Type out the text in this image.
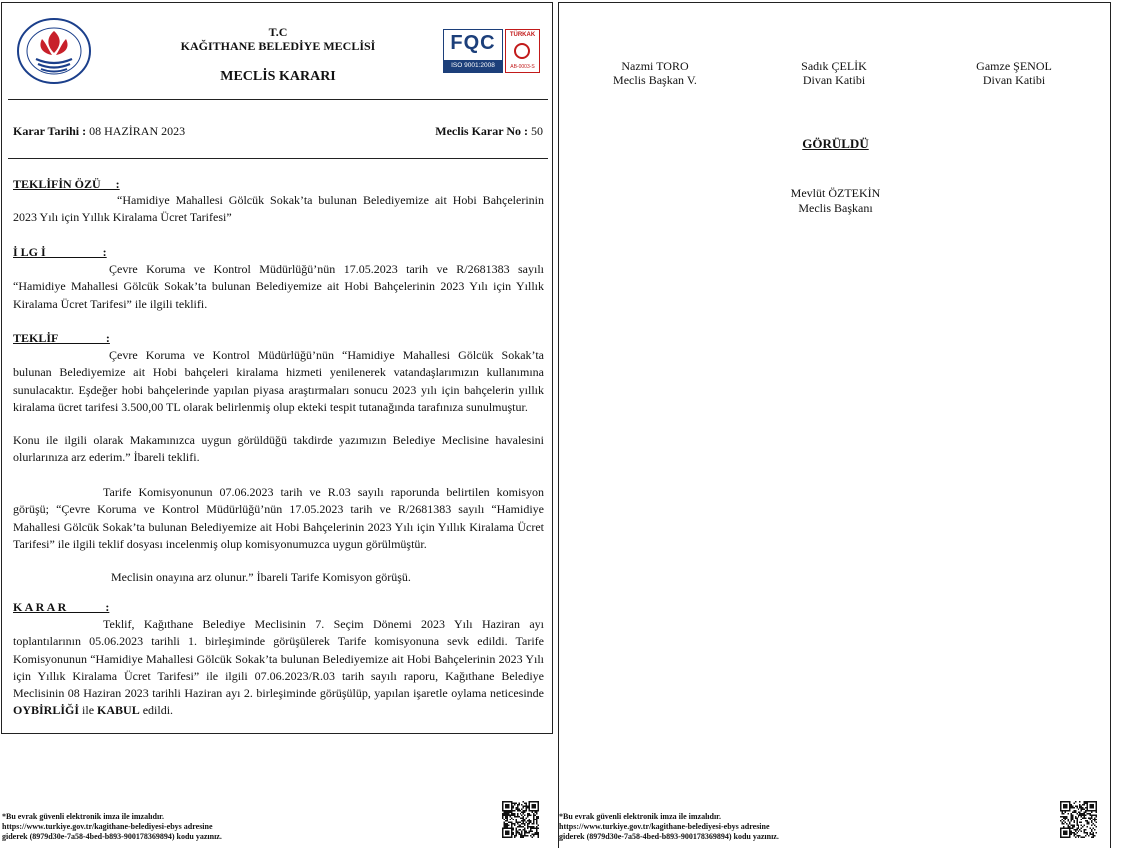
T.C
KAĞITHANE BELEDİYE MECLİSİ
MECLİS KARARI
FQC
ISO 9001:2008
TÜRKAK
AB-0003-S
Karar Tarihi : 08 HAZİRAN 2023	Meclis Karar No : 50
TEKLİFİN ÖZÜ     :

“Hamidiye Mahallesi Gölcük Sokak’ta bulunan Belediyemize ait Hobi Bahçelerinin 2023 Yılı için Yıllık Kiralama Ücret Tarifesi”

İ LG İ                   :

Çevre Koruma ve Kontrol Müdürlüğü’nün 17.05.2023 tarih ve R/2681383 sayılı “Hamidiye Mahallesi Gölcük Sokak’ta bulunan Belediyemize ait Hobi Bahçelerinin 2023 Yılı için Yıllık Kiralama Ücret Tarifesi” ile ilgili teklifi.

TEKLİF                :

Çevre Koruma ve Kontrol Müdürlüğü’nün “Hamidiye Mahallesi Gölcük Sokak’ta bulunan Belediyemize ait Hobi bahçeleri kiralama hizmeti yenilenerek vatandaşlarımızın kullanımına sunulacaktır. Eşdeğer hobi bahçelerinde yapılan piyasa araştırmaları sonucu 2023 yılı için bahçelerin yıllık kiralama ücret tarifesi 3.500,00 TL olarak belirlenmiş olup ekteki tespit tutanağında tarafınıza sunulmuştur.

Konu ile ilgili olarak Makamınızca uygun görüldüğü takdirde yazımızın Belediye Meclisine havalesini olurlarınıza arz ederim.” İbareli teklifi.

Tarife Komisyonunun 07.06.2023 tarih ve R.03 sayılı raporunda belirtilen komisyon görüşü; “Çevre Koruma ve Kontrol Müdürlüğü’nün 17.05.2023 tarih ve R/2681383 sayılı “Hamidiye Mahallesi Gölcük Sokak’ta bulunan Belediyemize ait Hobi Bahçelerinin 2023 Yılı için Yıllık Kiralama Ücret Tarifesi” ile ilgili teklif dosyası incelenmiş olup komisyonumuzca uygun görülmüştür.

Meclisin onayına arz olunur.” İbareli Tarife Komisyon görüşü.

K A R A R             :

Teklif, Kağıthane Belediye Meclisinin 7. Seçim Dönemi 2023 Yılı Haziran ayı toplantılarının 05.06.2023 tarihli 1. birleşiminde görüşülerek Tarife komisyonuna sevk edildi. Tarife Komisyonunun “Hamidiye Mahallesi Gölcük Sokak’ta bulunan Belediyemize ait Hobi Bahçelerinin 2023 Yılı için Yıllık Kiralama Ücret Tarifesi” ile ilgili 07.06.2023/R.03 tarih sayılı raporu, Kağıthane Belediye Meclisinin 08 Haziran 2023 tarihli Haziran ayı 2. birleşiminde görüşülüp, yapılan işaretle oylama neticesinde OYBİRLİĞİ ile KABUL edildi.

Nazmi TORO
Meclis Başkan V.
Sadık ÇELİK
Divan Katibi
Gamze ŞENOL
Divan Katibi
GÖRÜLDÜ
Mevlüt ÖZTEKİN
Meclis Başkanı
*Bu evrak güvenli elektronik imza ile imzalıdır.
https://www.turkiye.gov.tr/kagithane-belediyesi-ebys adresine
giderek (8979d30e-7a58-4bed-b893-900178369894) kodu yazınız.
*Bu evrak güvenli elektronik imza ile imzalıdır.
https://www.turkiye.gov.tr/kagithane-belediyesi-ebys adresine
giderek (8979d30e-7a58-4bed-b893-900178369894) kodu yazınız.
